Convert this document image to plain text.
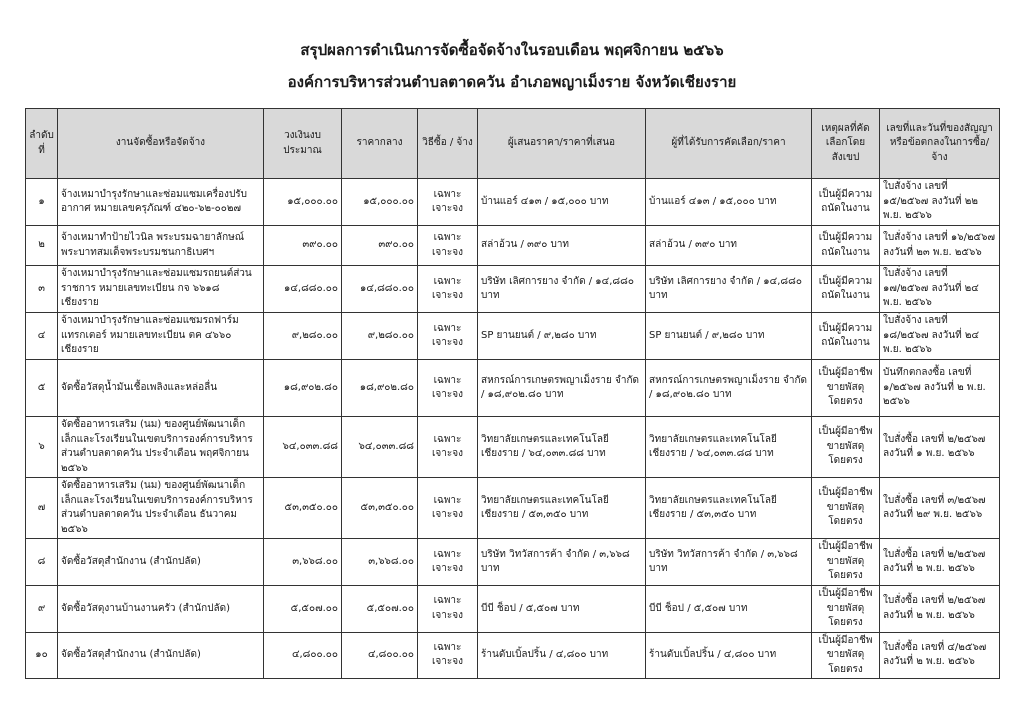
สรุปผลการดำเนินการจัดซื้อจัดจ้างในรอบเดือน พฤศจิกายน ๒๕๖๖
องค์การบริหารส่วนตำบลตาดควัน อำเภอพญาเม็งราย จังหวัดเชียงราย
ลำดับที่	งานจัดซื้อหรือจัดจ้าง	วงเงินงบประมาณ	ราคากลาง	วิธีซื้อ / จ้าง	ผู้เสนอราคา/ราคาที่เสนอ	ผู้ที่ได้รับการคัดเลือก/ราคา	เหตุผลที่คัดเลือกโดยสังเขป	เลขที่และวันที่ของสัญญาหรือข้อตกลงในการซื้อ/จ้าง
๑	จ้างเหมาบำรุงรักษาและซ่อมแซมเครื่องปรับอากาศ หมายเลขครุภัณฑ์ ๔๒๐-๖๒-๐๐๒๗	๑๕,๐๐๐.๐๐	๑๕,๐๐๐.๐๐	เฉพาะเจาะจง	บ้านแอร์ ๔๑๓ / ๑๕,๐๐๐ บาท	บ้านแอร์ ๔๑๓ / ๑๕,๐๐๐ บาท	เป็นผู้มีความถนัดในงาน	ใบสั่งจ้าง เลขที่ ๑๕/๒๕๖๗ ลงวันที่ ๒๒ พ.ย. ๒๕๖๖
๒	จ้างเหมาทำป้ายไวนิล พระบรมฉายาลักษณ์ พระบาทสมเด็จพระบรมชนกาธิเบศฯ	๓๙๐.๐๐	๓๙๐.๐๐	เฉพาะเจาะจง	สล่าอ้วน / ๓๙๐ บาท	สล่าอ้วน / ๓๙๐ บาท	เป็นผู้มีความถนัดในงาน	ใบสั่งจ้าง เลขที่ ๑๖/๒๕๖๗ ลงวันที่ ๒๓ พ.ย. ๒๕๖๖
๓	จ้างเหมาบำรุงรักษาและซ่อมแซมรถยนต์ส่วนราชการ หมายเลขทะเบียน กจ ๖๖๑๘ เชียงราย	๑๔,๘๘๐.๐๐	๑๔,๘๘๐.๐๐	เฉพาะเจาะจง	บริษัท เลิศการยาง จำกัด / ๑๔,๘๘๐ บาท	บริษัท เลิศการยาง จำกัด / ๑๔,๘๘๐ บาท	เป็นผู้มีความถนัดในงาน	ใบสั่งจ้าง เลขที่ ๑๗/๒๕๖๗ ลงวันที่ ๒๔ พ.ย. ๒๕๖๖
๔	จ้างเหมาบำรุงรักษาและซ่อมแซมรถฟาร์มแทรกเตอร์ หมายเลขทะเบียน ตค ๔๖๖๐ เชียงราย	๙,๒๘๐.๐๐	๙,๒๘๐.๐๐	เฉพาะเจาะจง	SP ยานยนต์ / ๙,๒๘๐ บาท	SP ยานยนต์ / ๙,๒๘๐ บาท	เป็นผู้มีความถนัดในงาน	ใบสั่งจ้าง เลขที่ ๑๘/๒๕๖๗ ลงวันที่ ๒๔ พ.ย. ๒๕๖๖
๕	จัดซื้อวัสดุน้ำมันเชื้อเพลิงและหล่อลื่น	๑๘,๙๐๒.๘๐	๑๘,๙๐๒.๘๐	เฉพาะเจาะจง	สหกรณ์การเกษตรพญาเม็งราย จำกัด / ๑๘,๙๐๒.๘๐ บาท	สหกรณ์การเกษตรพญาเม็งราย จำกัด / ๑๘,๙๐๒.๘๐ บาท	เป็นผู้มีอาชีพขายพัสดุโดยตรง	บันทึกตกลงซื้อ เลขที่ ๑/๒๕๖๗ ลงวันที่ ๒ พ.ย. ๒๕๖๖
๖	จัดซื้ออาหารเสริม (นม) ของศูนย์พัฒนาเด็กเล็กและโรงเรียนในเขตบริการองค์การบริหารส่วนตำบลตาดควัน ประจำเดือน พฤศจิกายน ๒๕๖๖	๖๔,๐๓๓.๘๘	๖๔,๐๓๓.๘๘	เฉพาะเจาะจง	วิทยาลัยเกษตรและเทคโนโลยีเชียงราย / ๖๔,๐๓๓.๘๘ บาท	วิทยาลัยเกษตรและเทคโนโลยีเชียงราย / ๖๔,๐๓๓.๘๘ บาท	เป็นผู้มีอาชีพขายพัสดุโดยตรง	ใบสั่งซื้อ เลขที่ ๒/๒๕๖๗ ลงวันที่ ๑ พ.ย. ๒๕๖๖
๗	จัดซื้ออาหารเสริม (นม) ของศูนย์พัฒนาเด็กเล็กและโรงเรียนในเขตบริการองค์การบริหารส่วนตำบลตาดควัน ประจำเดือน ธันวาคม ๒๕๖๖	๕๓,๓๕๐.๐๐	๕๓,๓๕๐.๐๐	เฉพาะเจาะจง	วิทยาลัยเกษตรและเทคโนโลยีเชียงราย / ๕๓,๓๕๐ บาท	วิทยาลัยเกษตรและเทคโนโลยีเชียงราย / ๕๓,๓๕๐ บาท	เป็นผู้มีอาชีพขายพัสดุโดยตรง	ใบสั่งซื้อ เลขที่ ๓/๒๕๖๗ ลงวันที่ ๒๙ พ.ย. ๒๕๖๖
๘	จัดซื้อวัสดุสำนักงาน (สำนักปลัด)	๓,๖๖๘.๐๐	๓,๖๖๘.๐๐	เฉพาะเจาะจง	บริษัท วิทวัสการค้า จำกัด / ๓,๖๖๘ บาท	บริษัท วิทวัสการค้า จำกัด / ๓,๖๖๘ บาท	เป็นผู้มีอาชีพขายพัสดุโดยตรง	ใบสั่งซื้อ เลขที่ ๒/๒๕๖๗ ลงวันที่ ๒ พ.ย. ๒๕๖๖
๙	จัดซื้อวัสดุงานบ้านงานครัว (สำนักปลัด)	๕,๕๐๗.๐๐	๕,๕๐๗.๐๐	เฉพาะเจาะจง	บีบี ช็อป / ๕,๕๐๗ บาท	บีบี ช็อป / ๕,๕๐๗ บาท	เป็นผู้มีอาชีพขายพัสดุโดยตรง	ใบสั่งซื้อ เลขที่ ๒/๒๕๖๗ ลงวันที่ ๒ พ.ย. ๒๕๖๖
๑๐	จัดซื้อวัสดุสำนักงาน (สำนักปลัด)	๔,๘๐๐.๐๐	๔,๘๐๐.๐๐	เฉพาะเจาะจง	ร้านดับเบิ้ลปริ้น / ๔,๘๐๐ บาท	ร้านดับเบิ้ลปริ้น / ๔,๘๐๐ บาท	เป็นผู้มีอาชีพขายพัสดุโดยตรง	ใบสั่งซื้อ เลขที่ ๔/๒๕๖๗ ลงวันที่ ๒ พ.ย. ๒๕๖๖
